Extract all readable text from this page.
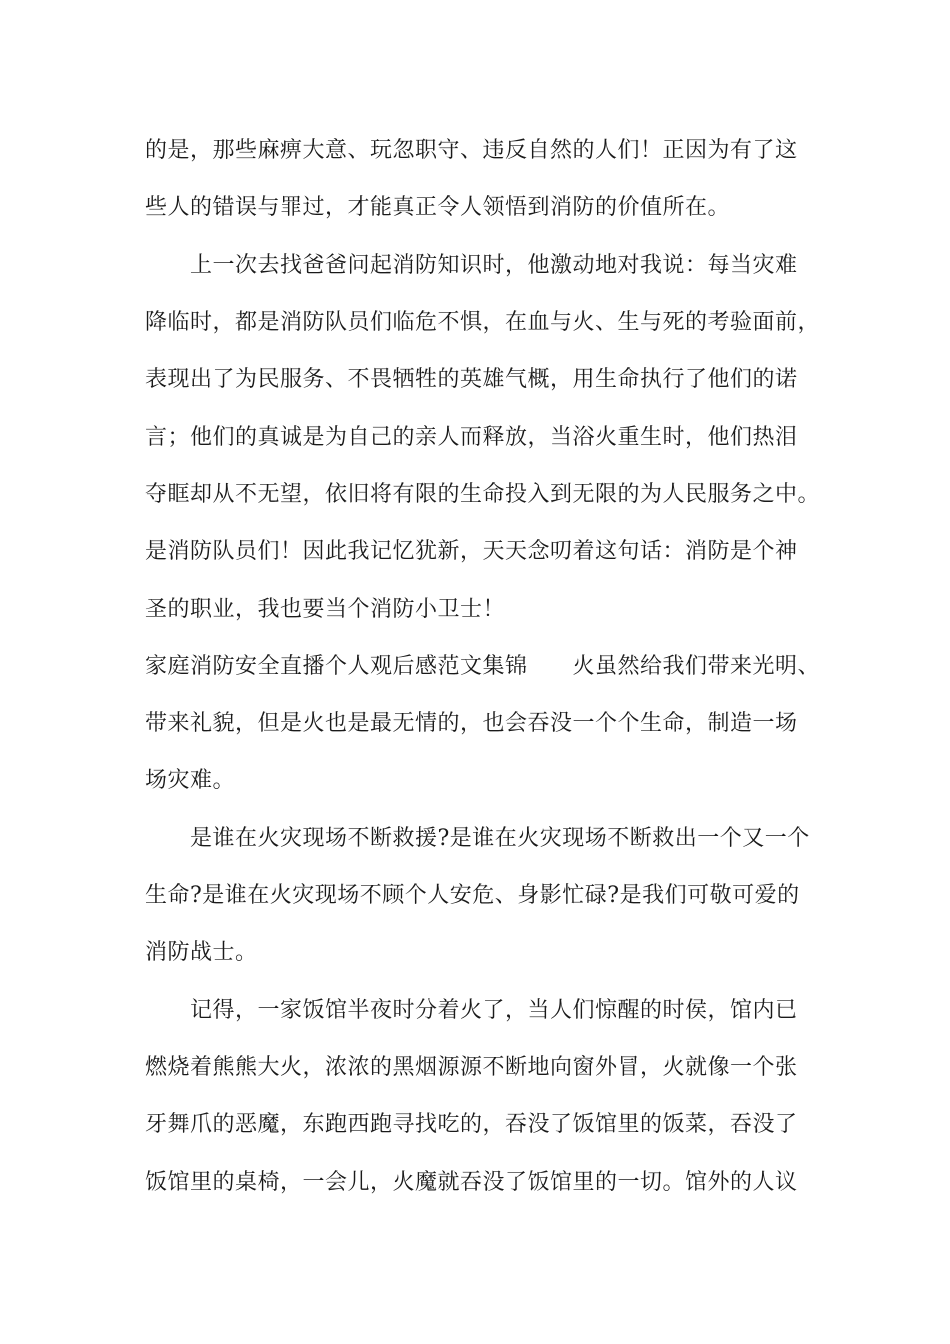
的是，那些麻痹大意、玩忽职守、违反自然的人们！正因为有了这
些人的错误与罪过，才能真正令人领悟到消防的价值所在。
上一次去找爸爸问起消防知识时，他激动地对我说：每当灾难
降临时，都是消防队员们临危不惧，在血与火、生与死的考验面前，
表现出了为民服务、不畏牺牲的英雄气概，用生命执行了他们的诺
言；他们的真诚是为自己的亲人而释放，当浴火重生时，他们热泪
夺眶却从不无望，依旧将有限的生命投入到无限的为人民服务之中。
是消防队员们！因此我记忆犹新，天天念叨着这句话：消防是个神
圣的职业，我也要当个消防小卫士！
家庭消防安全直播个人观后感范文集锦　　火虽然给我们带来光明、
带来礼貌，但是火也是最无情的，也会吞没一个个生命，制造一场
场灾难。
是谁在火灾现场不断救援?是谁在火灾现场不断救出一个又一个
生命?是谁在火灾现场不顾个人安危、身影忙碌?是我们可敬可爱的
消防战士。
记得，一家饭馆半夜时分着火了，当人们惊醒的时侯，馆内已
燃烧着熊熊大火，浓浓的黑烟源源不断地向窗外冒，火就像一个张
牙舞爪的恶魔，东跑西跑寻找吃的，吞没了饭馆里的饭菜，吞没了
饭馆里的桌椅，一会儿，火魔就吞没了饭馆里的一切。馆外的人议
